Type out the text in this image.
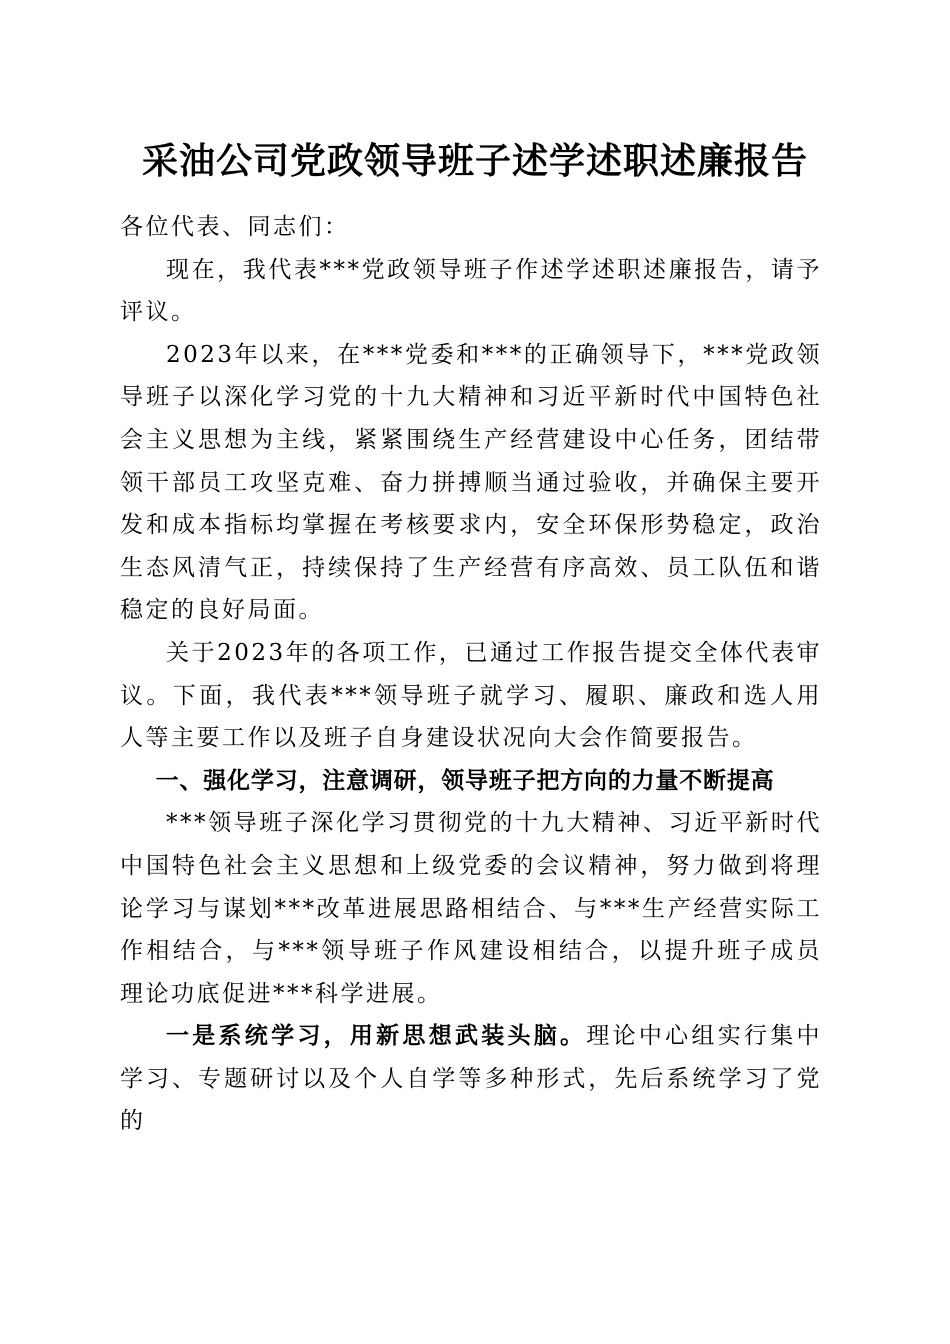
采油公司党政领导班子述学述职述廉报告

各位代表、同志们：

现在，我代表***党政领导班子作述学述职述廉报告，请予评议。

2023年以来，在***党委和***的正确领导下，***党政领导班子以深化学习党的十九大精神和习近平新时代中国特色社会主义思想为主线，紧紧围绕生产经营建设中心任务，团结带领干部员工攻坚克难、奋力拼搏顺当通过验收，并确保主要开发和成本指标均掌握在考核要求内，安全环保形势稳定，政治生态风清气正，持续保持了生产经营有序高效、员工队伍和谐稳定的良好局面。

关于2023年的各项工作，已通过工作报告提交全体代表审议。下面，我代表***领导班子就学习、履职、廉政和选人用人等主要工作以及班子自身建设状况向大会作简要报告。

一、强化学习，注意调研，领导班子把方向的力量不断提高

***领导班子深化学习贯彻党的十九大精神、习近平新时代中国特色社会主义思想和上级党委的会议精神，努力做到将理论学习与谋划***改革进展思路相结合、与***生产经营实际工作相结合，与***领导班子作风建设相结合，以提升班子成员理论功底促进***科学进展。

一是系统学习，用新思想武装头脑。理论中心组实行集中学习、专题研讨以及个人自学等多种形式，先后系统学习了党的
